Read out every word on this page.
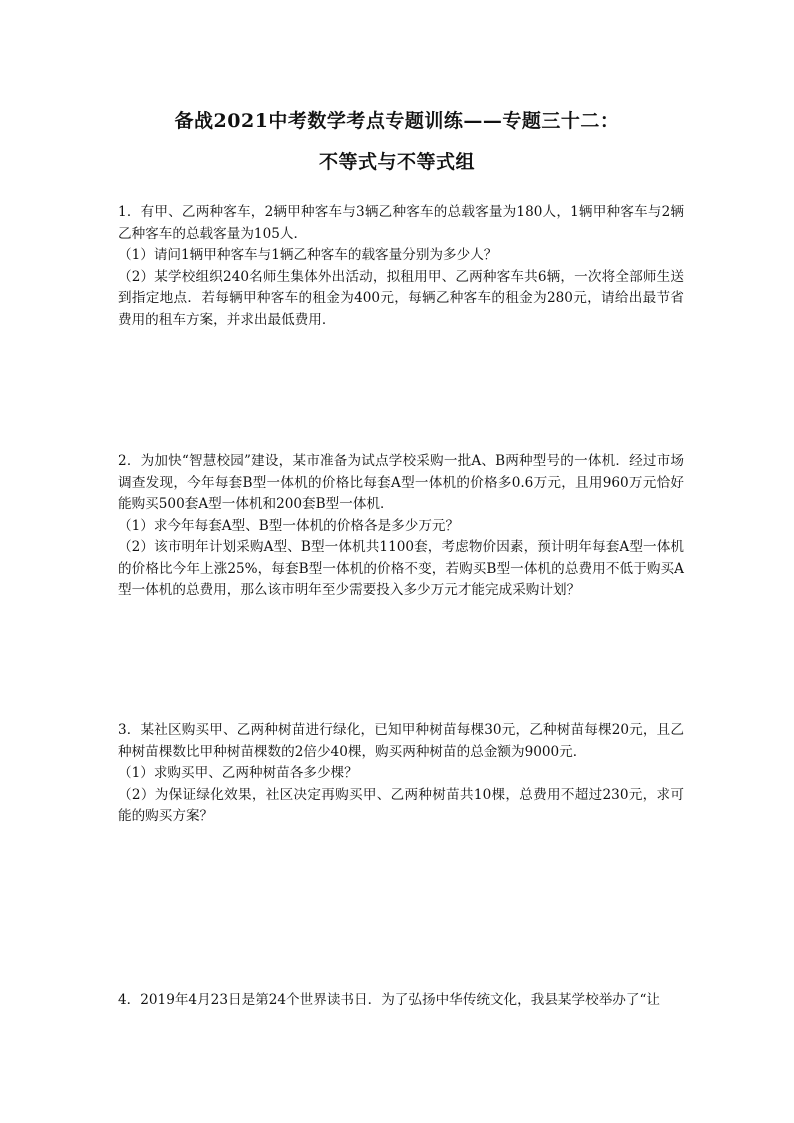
备战2021中考数学考点专题训练——专题三十二：
不等式与不等式组

1．有甲、乙两种客车，2辆甲种客车与3辆乙种客车的总载客量为180人，1辆甲种客车与2辆乙种客车的总载客量为105人．

（1）请问1辆甲种客车与1辆乙种客车的载客量分别为多少人？

（2）某学校组织240名师生集体外出活动，拟租用甲、乙两种客车共6辆，一次将全部师生送到指定地点．若每辆甲种客车的租金为400元，每辆乙种客车的租金为280元，请给出最节省费用的租车方案，并求出最低费用．

2．为加快“智慧校园”建设，某市准备为试点学校采购一批A、B两种型号的一体机．经过市场调查发现，今年每套B型一体机的价格比每套A型一体机的价格多0.6万元，且用960万元恰好能购买500套A型一体机和200套B型一体机．

（1）求今年每套A型、B型一体机的价格各是多少万元？

（2）该市明年计划采购A型、B型一体机共1100套，考虑物价因素，预计明年每套A型一体机的价格比今年上涨25%，每套B型一体机的价格不变，若购买B型一体机的总费用不低于购买A型一体机的总费用，那么该市明年至少需要投入多少万元才能完成采购计划？

3．某社区购买甲、乙两种树苗进行绿化，已知甲种树苗每棵30元，乙种树苗每棵20元，且乙种树苗棵数比甲种树苗棵数的2倍少40棵，购买两种树苗的总金额为9000元．

（1）求购买甲、乙两种树苗各多少棵？

（2）为保证绿化效果，社区决定再购买甲、乙两种树苗共10棵，总费用不超过230元，求可能的购买方案？

4．2019年4月23日是第24个世界读书日．为了弘扬中华传统文化，我县某学校举办了“让
